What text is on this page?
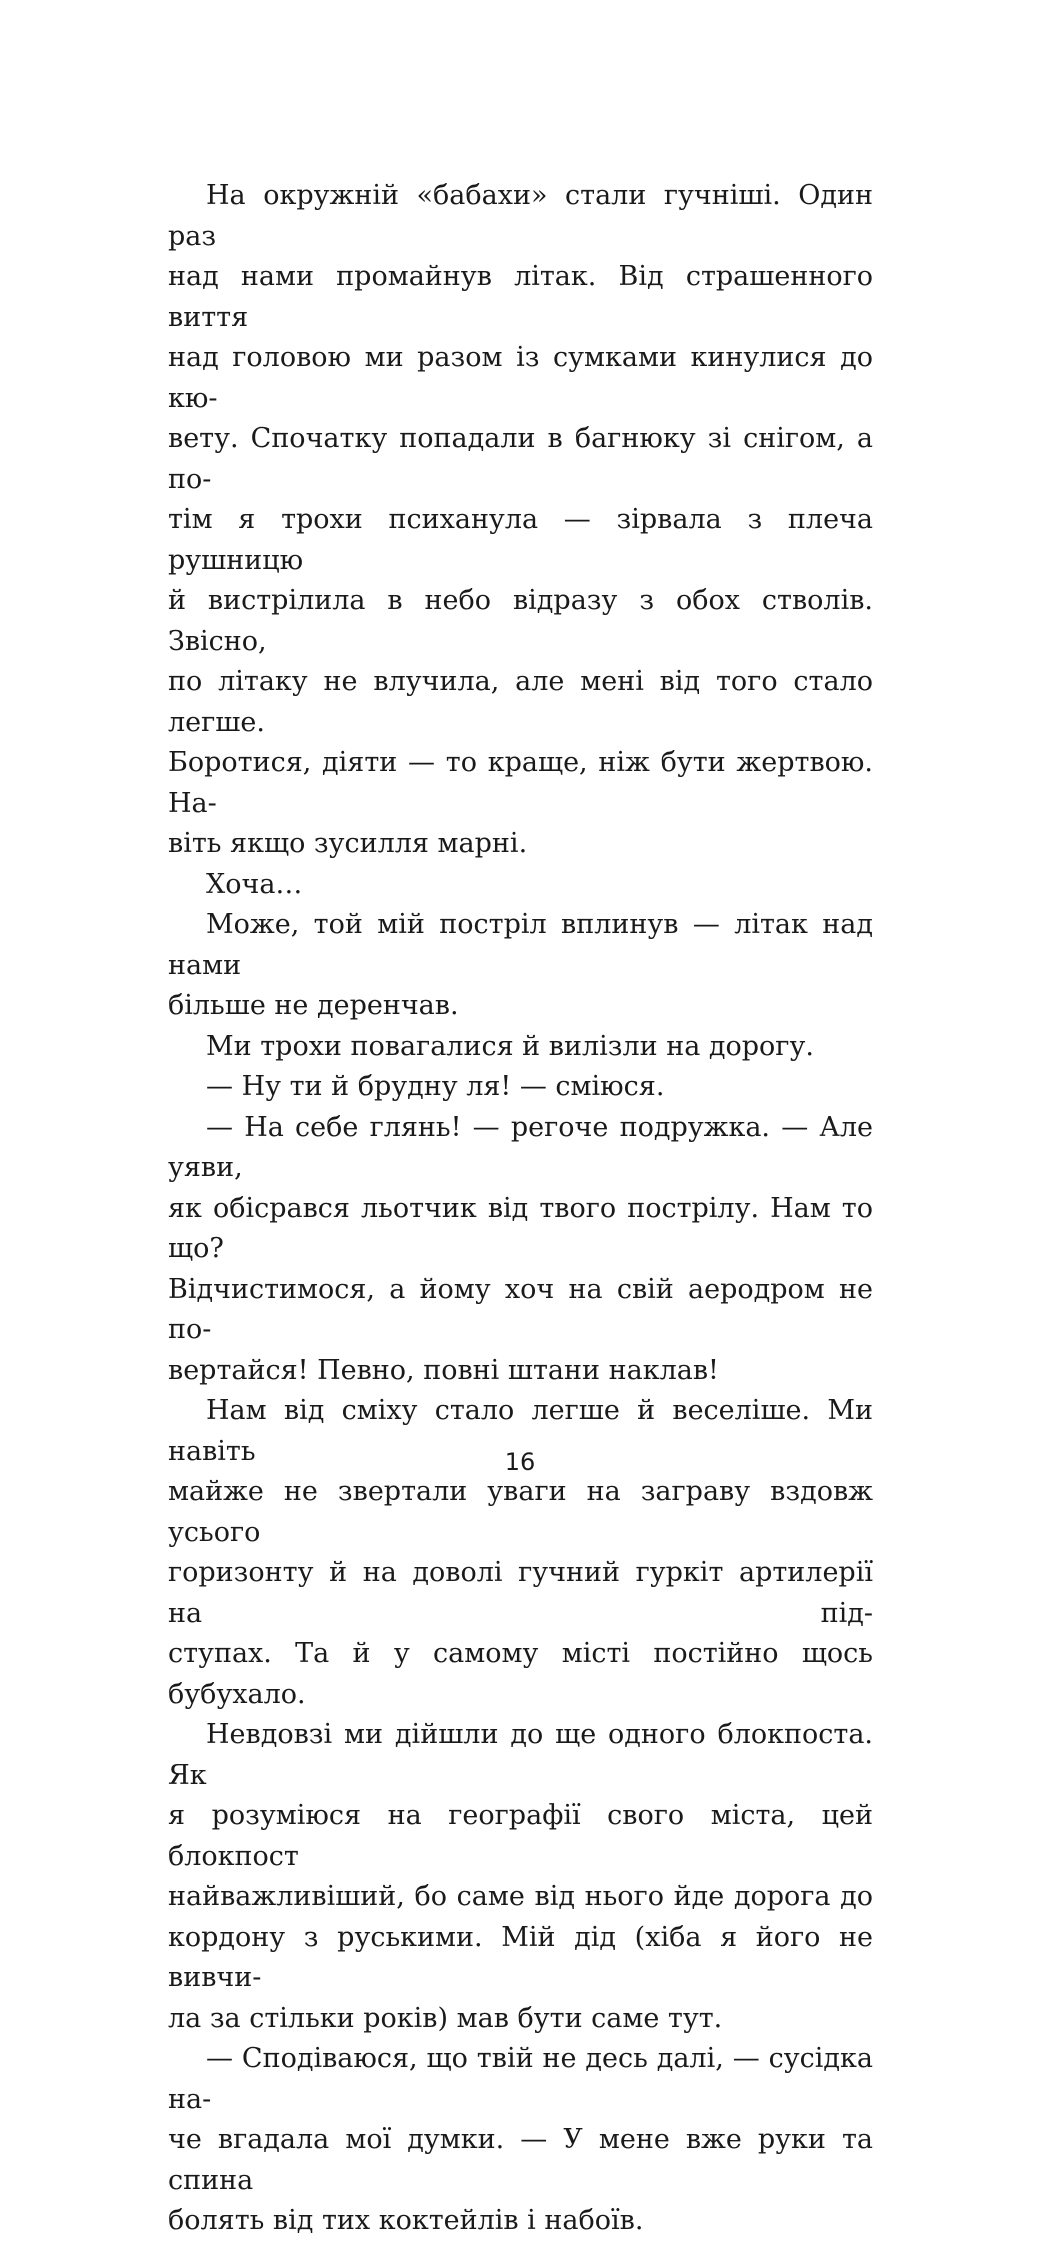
На окружній «бабахи» стали гучніші. Один раз
над нами промайнув літак. Від страшенного виття
над головою ми разом із сумками кинулися до кю-
вету. Спочатку попадали в багнюку зі снігом, а по-
тім я трохи психанула — зірвала з плеча рушницю
й вистрілила в небо відразу з обох стволів. Звісно,
по літаку не влучила, але мені від того стало легше.
Боротися, діяти — то краще, ніж бути жертвою. На-
віть якщо зусилля марні.
Хоча…
Може, той мій постріл вплинув — літак над нами
більше не деренчав.
Ми трохи повагалися й вилізли на дорогу.
— Ну ти й брудну ля! — сміюся.
— На себе глянь! — регоче подружка. — Але уяви,
як обісрався льотчик від твого пострілу. Нам то що?
Відчистимося, а йому хоч на свій аеродром не по-
вертайся! Певно, повні штани наклав!
Нам від сміху стало легше й веселіше. Ми навіть
майже не звертали уваги на заграву вздовж усього
горизонту й на доволі гучний гуркіт артилерії на під-
ступах. Та й у самому місті постійно щось бубухало.
Невдовзі ми дійшли до ще одного блокпоста. Як
я розуміюся на географії свого міста, цей блокпост
найважливіший, бо саме від нього йде дорога до
кордону з руськими. Мій дід (хіба я його не вивчи-
ла за стільки років) мав бути саме тут.
— Сподіваюся, що твій не десь далі, — сусідка на-
че вгадала мої думки. — У мене вже руки та спина
болять від тих коктейлів і набоїв.
16
